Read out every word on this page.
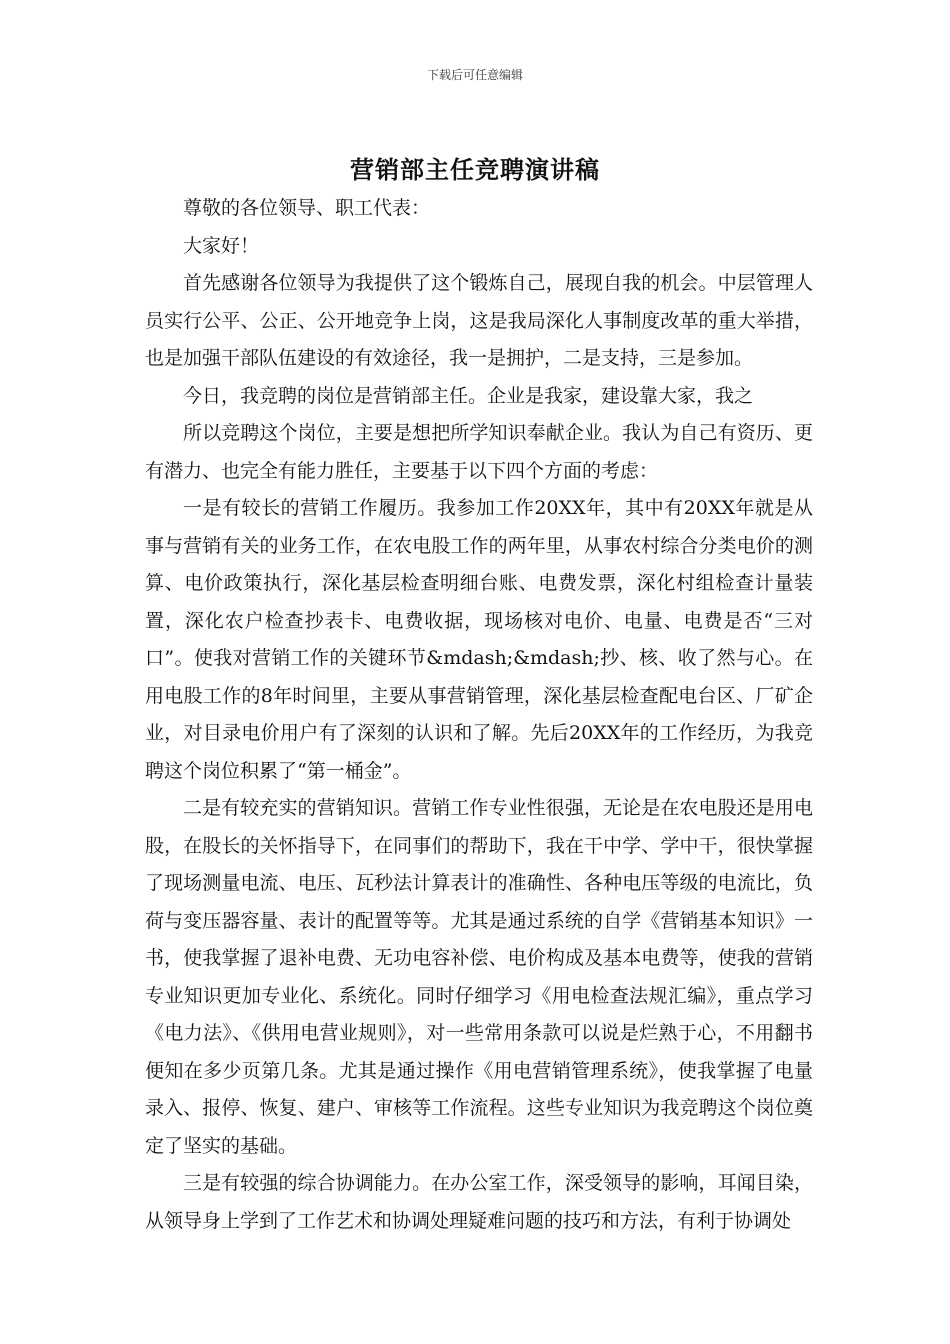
下载后可任意编辑
营销部主任竞聘演讲稿

尊敬的各位领导、职工代表：

大家好！

首先感谢各位领导为我提供了这个锻炼自己，展现自我的机会。中层管理人员实行公平、公正、公开地竞争上岗，这是我局深化人事制度改革的重大举措，也是加强干部队伍建设的有效途径，我一是拥护，二是支持，三是参加。

今日，我竞聘的岗位是营销部主任。企业是我家，建设靠大家，我之

所以竞聘这个岗位，主要是想把所学知识奉献企业。我认为自己有资历、更有潜力、也完全有能力胜任，主要基于以下四个方面的考虑：

一是有较长的营销工作履历。我参加工作20XX年，其中有20XX年就是从事与营销有关的业务工作，在农电股工作的两年里，从事农村综合分类电价的测算、电价政策执行，深化基层检查明细台账、电费发票，深化村组检查计量装置，深化农户检查抄表卡、电费收据，现场核对电价、电量、电费是否“三对口”。使我对营销工作的关键环节&mdash;&mdash;抄、核、收了然与心。在用电股工作的8年时间里，主要从事营销管理，深化基层检查配电台区、厂矿企业，对目录电价用户有了深刻的认识和了解。先后20XX年的工作经历，为我竞聘这个岗位积累了“第一桶金”。

二是有较充实的营销知识。营销工作专业性很强，无论是在农电股还是用电股，在股长的关怀指导下，在同事们的帮助下，我在干中学、学中干，很快掌握了现场测量电流、电压、瓦秒法计算表计的准确性、各种电压等级的电流比，负荷与变压器容量、表计的配置等等。尤其是通过系统的自学《营销基本知识》一书，使我掌握了退补电费、无功电容补偿、电价构成及基本电费等，使我的营销专业知识更加专业化、系统化。同时仔细学习《用电检查法规汇编》，重点学习《电力法》、《供用电营业规则》，对一些常用条款可以说是烂熟于心，不用翻书便知在多少页第几条。尤其是通过操作《用电营销管理系统》，使我掌握了电量录入、报停、恢复、建户、审核等工作流程。这些专业知识为我竞聘这个岗位奠定了坚实的基础。

三是有较强的综合协调能力。在办公室工作，深受领导的影响，耳闻目染，从领导身上学到了工作艺术和协调处理疑难问题的技巧和方法，有利于协调处
